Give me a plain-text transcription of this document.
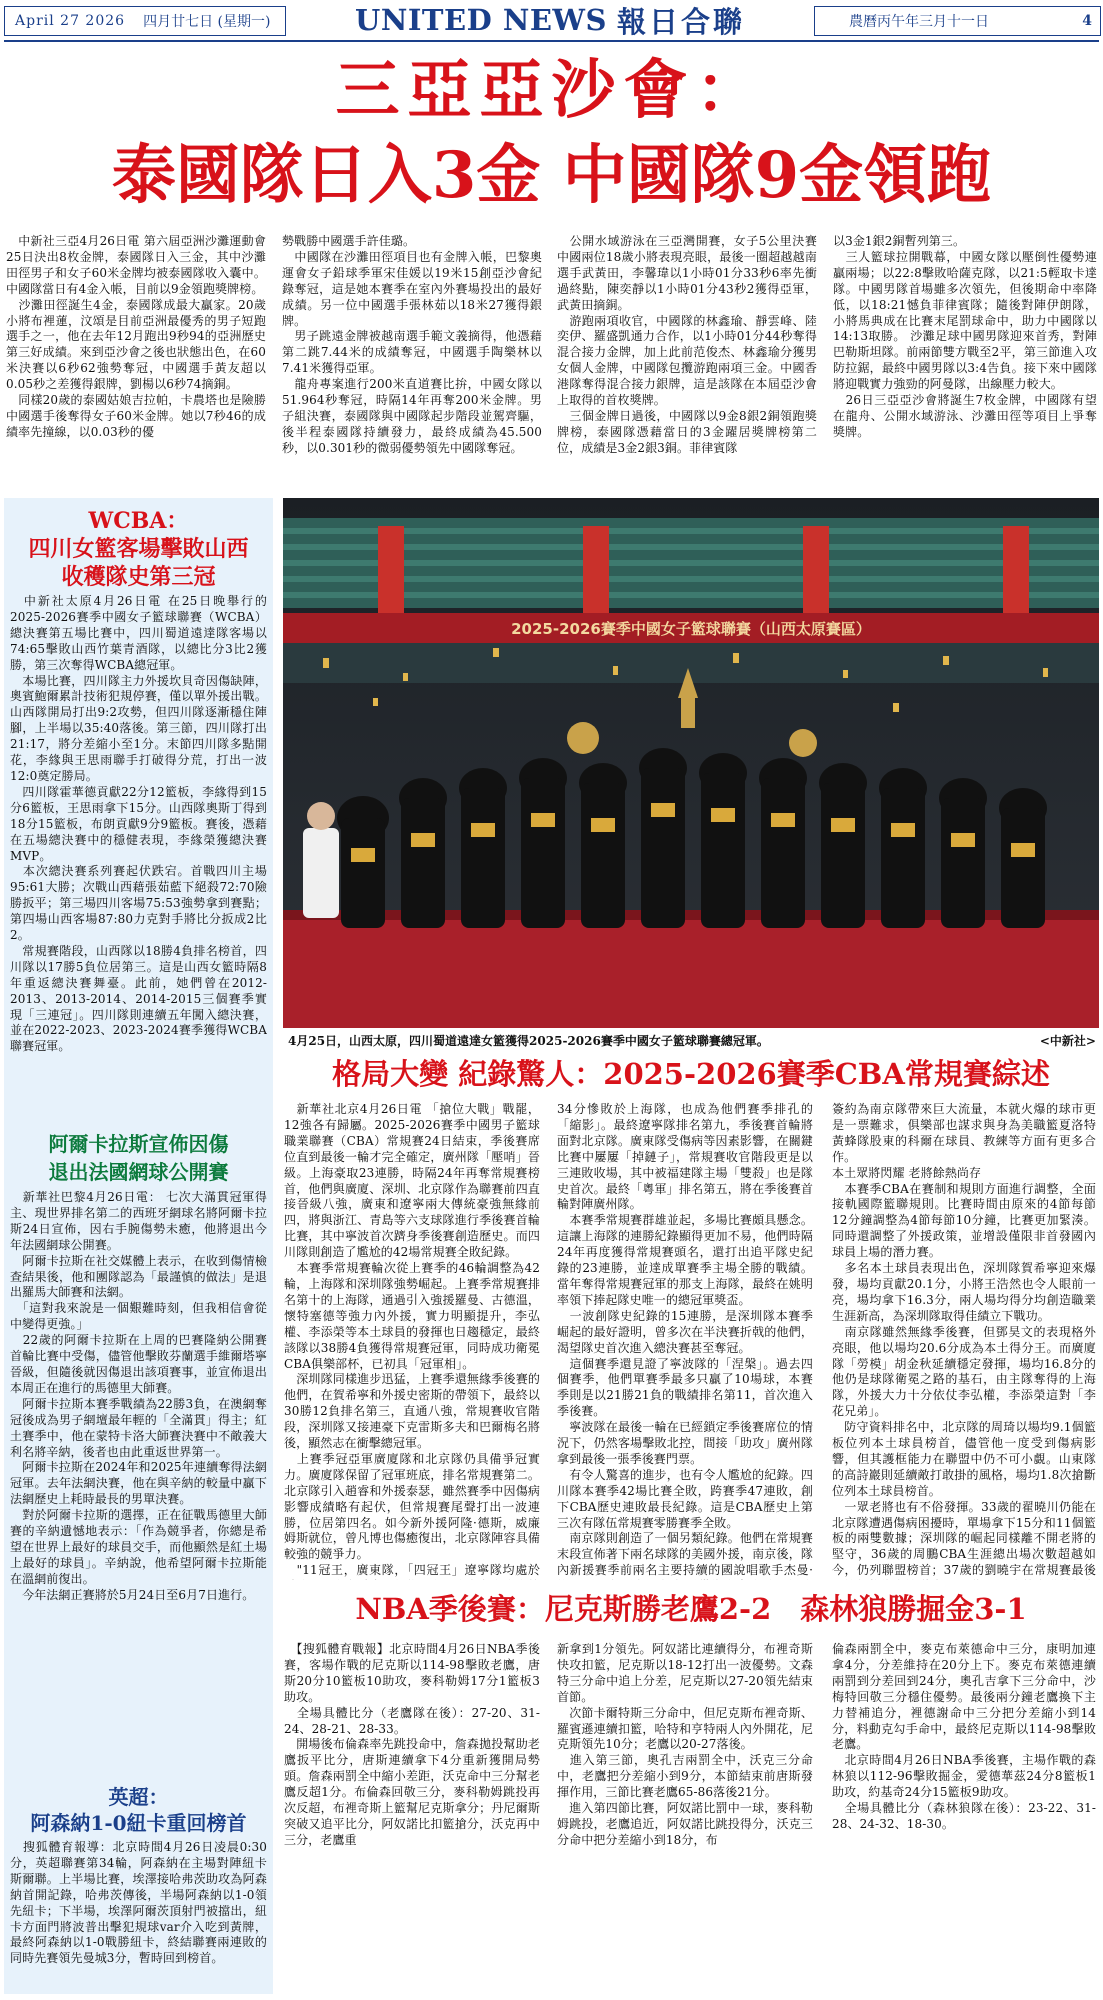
April 27 2026 四月廿七日 (星期一)	UNITED NEWS 報日合聯	農曆丙午年三月十一日	4
三亞亞沙會：
泰國隊日入3金 中國隊9金領跑
　中新社三亞4月26日電 第六屆亞洲沙灘運動會25日決出8枚金牌，泰國隊日入三金，其中沙灘田徑男子和女子60米金牌均被泰國隊收入囊中。中國隊當日有4金入帳，目前以9金領跑獎牌榜。
　沙灘田徑誕生4金，泰國隊成最大贏家。20歲小將布裡蓮，汶頌是目前亞洲最優秀的男子短跑選手之一，他在去年12月跑出9秒94的亞洲歷史第三好成績。來到亞沙會之後也狀態出色，在60米決賽以6秒62強勢奪冠，中國選手黃友超以0.05秒之差獲得銀牌，劉楊以6秒74摘銅。
　同樣20歲的泰國姑娘吉拉帕，卡農塔也是險勝中國選手後奪得女子60米金牌。她以7秒46的成績率先撞線，以0.03秒的優
勢戰勝中國選手許佳璐。
　中國隊在沙灘田徑項目也有金牌入帳，巴黎奧運會女子鉛球季軍宋佳媛以19米15創亞沙會紀錄奪冠，這是她本賽季在室內外賽場投出的最好成績。另一位中國選手張林茹以18米27獲得銀牌。
　男子跳遠金牌被越南選手範文義摘得，他憑藉第二跳7.44米的成績奪冠，中國選手陶樂林以7.41米獲得亞軍。
　龍舟專案進行200米直道賽比拚，中國女隊以51.964秒奪冠，時隔14年再奪200米金牌。男子組決賽，泰國隊與中國隊起步階段並駕齊驅，後半程泰國隊持續發力，最終成績為45.500秒，以0.301秒的微弱優勢領先中國隊奪冠。
　公開水域游泳在三亞灣開賽，女子5公里決賽中國兩位18歲小將表現亮眼，最後一圈超越越南選手武黃田，李馨瑋以1小時01分33秒6率先衝過終點，陳奕靜以1小時01分43秒2獲得亞軍，武黃田摘銅。
　游跑兩項收官，中國隊的林鑫瑜、靜雲峰、陸奕伊、羅盛凱通力合作，以1小時01分44秒奪得混合接力金牌，加上此前范俊杰、林鑫瑜分獲男女個人金牌，中國隊包攬游跑兩項三金。中國香港隊奪得混合接力銀牌，這是該隊在本屆亞沙會上取得的首枚獎牌。
　三個金牌日過後，中國隊以9金8銀2銅領跑獎牌榜，泰國隊憑藉當日的3金躍居獎牌榜第二位，成績是3金2銀3銅。菲律賓隊
以3金1銀2銅暫列第三。
　三人籃球拉開戰幕，中國女隊以壓倒性優勢連贏兩場；以22:8擊敗哈薩克隊，以21:5輕取卡達隊。中國男隊首場雖多次領先，但後期命中率降低，以18:21憾負菲律賓隊；隨後對陣伊朗隊，小將馬典成在比賽末尾罰球命中，助力中國隊以14:13取勝。 沙灘足球中國男隊迎來首秀，對陣巴勒斯坦隊。前兩節雙方戰至2平，第三節進入攻防拉鋸，最終中國男隊以3:4告負。接下來中國隊將迎戰實力強勁的阿曼隊，出線壓力較大。
　26日三亞亞沙會將誕生7枚金牌，中國隊有望在龍舟、公開水域游泳、沙灘田徑等項目上爭奪獎牌。
WCBA：
四川女籃客場擊敗山西
收穫隊史第三冠
　中新社太原4月26日電 在25日晚舉行的2025-2026賽季中國女子籃球聯賽（WCBA）總決賽第五場比賽中，四川蜀道遠達隊客場以74:65擊敗山西竹葉青酒隊，以總比分3比2獲勝，第三次奪得WCBA總冠軍。
　本場比賽，四川隊主力外援坎貝奇因傷缺陣，奧賓鮑爾累計技術犯規停賽，僅以單外援出戰。山西隊開局打出9:2攻勢，但四川隊逐漸穩住陣腳，上半場以35:40落後。第三節，四川隊打出21:17，將分差縮小至1分。末節四川隊多點開花，李緣與王思雨聯手打破得分荒，打出一波12:0奠定勝局。
　四川隊霍華德貢獻22分12籃板，李緣得到15分6籃板，王思雨拿下15分。山西隊奧斯丁得到18分15籃板，布朗貢獻9分9籃板。賽後，憑藉在五場總決賽中的穩健表現，李緣榮獲總決賽MVP。
　本次總決賽系列賽起伏跌宕。首戰四川主場95:61大勝；次戰山西藉張茹藍下絕殺72:70險勝扳平；第三場四川客場75:53強勢拿到賽點；第四場山西客場87:80力克對手將比分扳成2比2。
　常規賽階段，山西隊以18勝4負排名榜首，四川隊以17勝5負位居第三。這是山西女籃時隔8年重返總決賽舞臺。此前，她們曾在2012-2013、2013-2014、2014-2015三個賽季實現「三連冠」。四川隊則連續五年闖入總決賽，並在2022-2023、2023-2024賽季獲得WCBA聯賽冠軍。
阿爾卡拉斯宣佈因傷
退出法國網球公開賽
　新華社巴黎4月26日電： 七次大滿貫冠軍得主、現世界排名第二的西班牙網球名將阿爾卡拉斯24日宣佈，因右手腕傷勢未癒，他將退出今年法國網球公開賽。
　阿爾卡拉斯在社交媒體上表示，在收到傷情檢查結果後，他和團隊認為「最謹慎的做法」是退出羅馬大師賽和法網。
　「這對我來說是一個艱難時刻，但我相信會從中變得更強。」
　22歲的阿爾卡拉斯在上周的巴賽隆納公開賽首輪比賽中受傷，儘管他擊敗芬蘭選手維爾塔寧晉級，但隨後就因傷退出該項賽事，並宣佈退出本周正在進行的馬德里大師賽。
　阿爾卡拉斯本賽季戰績為22勝3負，在澳網奪冠後成為男子網壇最年輕的「全滿貫」得主；紅土賽季中，他在蒙特卡洛大師賽決賽中不敵義大利名將辛納，後者也由此重返世界第一。
　阿爾卡拉斯在2024年和2025年連續奪得法網冠軍。去年法網決賽，他在與辛納的較量中贏下法網歷史上耗時最長的男單決賽。
　對於阿爾卡拉斯的選擇，正在征戰馬德里大師賽的辛納遺憾地表示：「作為競爭者，你總是希望在世界上最好的球員交手，而他顯然是紅土場上最好的球員」。辛納說，他希望阿爾卡拉斯能在溫網前復出。
　今年法網正賽將於5月24日至6月7日進行。
英超：
阿森納1-0紐卡重回榜首
　搜狐體育報導：北京時間4月26日凌晨0:30分，英超聯賽第34輪，阿森納在主場對陣紐卡斯爾聯。上半場比賽，埃澤接哈弗茨助攻為阿森納首開記錄，哈弗茨傳後，半場阿森納以1-0領先紐卡；下半場，埃澤阿爾茨頂射門被擋出，紐卡方面門將波普出擊犯規球var介入吃到黃牌，最終阿森納以1-0戰勝紐卡，終結聯賽兩連敗的同時先賽領先曼城3分，暫時回到榜首。
2025-2026賽季中國女子籃球聯賽（山西太原賽區）
4月25日，山西太原，四川蜀道遠達女籃獲得2025-2026賽季中國女子籃球聯賽總冠軍。	<中新社>
格局大變 紀錄驚人：2025-2026賽季CBA常規賽綜述
　新華社北京4月26日電 「搶位大戰」戰罷，12強各有歸屬。2025-2026賽季中國男子籃球職業聯賽（CBA）常規賽24日結束，季後賽席位直到最後一輪才完全確定，廣州隊「壓哨」晉級。上海豪取23連勝，時隔24年再奪常規賽榜首，他們與廣廈、深圳、北京隊作為聯賽前四直接晉級八強，廣東和遼寧兩大傳統豪強無緣前四，將與浙江、青島等六支球隊進行季後賽首輪比賽，其中寧波首次躋身季後賽創造歷史。而四川隊則創造了尷尬的42場常規賽全敗紀錄。
　本賽季常規賽輪次從上賽季的46輪調整為42輪，上海隊和深圳隊強勢崛起。上賽季常規賽排名第十的上海隊，通過引入強援羅曼、古德溫，懷特塞德等強力內外援，實力明顯提升，李弘權、李添榮等本土球員的發揮也日趨穩定，最終該隊以38勝4負獲得常規賽冠軍，同時成功衛冕CBA俱樂部杯，已初具「冠軍相」。
　深圳隊同樣進步迅猛，上賽季還無緣季後賽的他們，在賀希寧和外援史密斯的帶領下，最終以30勝12負排名第三，直通八強，常規賽收官階段，深圳隊又接連豪下克雷斯多夫和巴爾梅名將後，顯然志在衝擊總冠軍。
　上賽季冠亞軍廣廈隊和北京隊仍具備爭冠實力。廣廈隊保留了冠軍班底，排名常規賽第二。北京隊引入趙睿和外援泰瑟，雖然賽季中因傷病影響成績略有起伏，但常規賽尾聲打出一波連勝，位居第四名。如今新外援阿隆·德斯，威廉姆斯就位，曾凡博也傷癒復出，北京隊陣容具備較強的競爭力。
　"11冠王，廣東隊，「四冠王」遼寧隊均處於
34分慘敗於上海隊，也成為他們賽季排孔的「縮影」。最終遼寧隊排名第九，季後賽首輪將面對北京隊。廣東隊受傷病等因素影響，在關鍵比賽中屢屢「掉鏈子」，常規賽收官階段更是以三連敗收場，其中被福建隊主場「雙殺」也是隊史首次。最終「粵軍」排名第五，將在季後賽首輪對陣廣州隊。
　本賽季常規賽群雄並起，多場比賽頗具懸念。這讓上海隊的連勝紀錄顯得更加不易，他們時隔24年再度獲得常規賽頭名，還打出追平隊史紀錄的23連勝，並達成單賽季主場全勝的戰績。當年奪得常規賽冠軍的那支上海隊，最終在姚明率領下捧起隊史唯一的總冠軍獎盃。
　一波創隊史紀錄的15連勝，是深圳隊本賽季崛起的最好證明，曾多次在半決賽折戟的他們，渴望隊史首次進入總決賽甚至奪冠。
　這個賽季還見證了寧波隊的「涅槃」。過去四個賽季，他們單賽季最多只贏了10場球，本賽季則是以21勝21負的戰績排名第11，首次進入季後賽。
　寧波隊在最後一輪在已經鎖定季後賽席位的情況下，仍然客場擊敗北控，間接「助攻」廣州隊拿到最後一張季後賽門票。
　有令人驚喜的進步，也有令人尷尬的紀錄。四川隊本賽季42場比賽全敗，跨賽季47連敗，創下CBA歷史連敗最長紀錄。這是CBA歷史上第三次有隊伍常規賽零勝賽季全敗。
　南京隊則創造了一個另類紀錄。他們在常規賽末段宣佈著下兩名球隊的美國外援，南京後，隊內新援賽季前兩名主要持續的國說唱歌手杰曼·
簽約為南京隊帶來巨大流量，本就火爆的球市更是一票難求，俱樂部也謀求與身為美職籃夏洛特黃蜂隊股東的科爾在球員、教練等方面有更多合作。
本土眾將閃耀 老將餘熱尚存
　本賽季CBA在賽制和規則方面進行調整，全面接軌國際籃聯規則。比賽時間由原來的4節每節12分鐘調整為4節每節10分鐘，比賽更加緊湊。同時還調整了外援政策，並增設僅限非首發國內球員上場的潛力賽。
　多名本土球員表現出色，深圳隊賀希寧迎來爆發，場均貢獻20.1分，小將王浩然也令人眼前一亮，場均拿下16.3分，兩人場均得分均創造職業生涯新高，為深圳隊取得佳績立下戰功。
　南京隊雖然無緣季後賽，但鄧昊文的表現格外亮眼，他以場均20.6分成為本土得分王。而廣廈隊「勞模」胡金秋延續穩定發揮，場均16.8分的他仍是球隊衛冕之路的基石，由主隊奪得的上海隊，外援大力十分依仗李弘權，李添榮這對「李花兄弟」。
　防守資料排名中，北京隊的周琦以場均9.1個籃板位列本土球員榜首，儘管他一度受到傷病影響，但其護框能力在聯盟中仍不可小覷。山東隊的高詩巖則延續敵打敢掛的風格，場均1.8次搶斷位列本土球員榜首。
　一眾老將也有不俗發揮。33歲的翟曉川仍能在北京隊遭遇傷病困擾時，單場拿下15分和11個籃板的兩雙數據；深圳隊的崛起同樣離不開老將的堅守，36歲的周鵬CBA生涯總出場次數超越如今，仍列聯盟榜首；37歲的劉曉宇在常規賽最後
NBA季後賽：尼克斯勝老鷹2-2　森林狼勝掘金3-1
　【搜狐體育戰報】北京時間4月26日NBA季後賽，客場作戰的尼克斯以114-98擊敗老鷹，唐斯20分10籃板10助攻，麥科勒姆17分1籃板3助攻。
　全場具體比分（老鷹隊在後）：27-20、31-24、28-21、28-33。
　開場後布倫森率先跳投命中，詹森拋投幫助老鷹扳平比分，唐斯連續拿下4分重新獲開局勢頭。詹森兩罰全中縮小差距，沃克命中三分幫老鷹反超1分。布倫森回敬三分，麥科勒姆跳投再次反超，布裡奇斯上籃幫尼克斯拿分；丹尼爾斯突破又追平比分，阿奴諾比扣籃搶分，沃克再中三分，老鷹重
新拿到1分領先。阿奴諾比連續得分，布裡奇斯快攻扣籃，尼克斯以18-12打出一波優勢。文森特三分命中追上分差，尼克斯以27-20領先結束首節。
　次節卡爾特斯三分命中，但尼克斯布裡奇斯、羅賓遜連續扣籃，哈特和亨特兩人內外開花，尼克斯領先10分；老鷹以20-27落後。
　進入第三節，奧孔吉兩罰全中，沃克三分命中，老鷹把分差縮小到9分，本節結束前唐斯發揮作用，三節比賽老鷹65-86落後21分。
　進入第四節比賽，阿奴諾比罰中一球，麥科勒姆跳投，老鷹追近，阿奴諾比跳投得分，沃克三分命中把分差縮小到18分，布
倫森兩罰全中，麥克布萊德命中三分，康明加連拿4分，分差維持在20分上下。麥克布萊德連續兩罰到分差回到24分，奧孔吉拿下三分命中，沙梅特回敬三分穩住優勢。最後兩分鐘老鷹換下主力替補追分，裡德謝命中三分把分差縮小到14分，料動克勾手命中，最終尼克斯以114-98擊敗老鷹。
　北京時間4月26日NBA季後賽，主場作戰的森林狼以112-96擊敗掘金，愛德華茲24分8籃板1助攻，約基奇24分15籃板9助攻。
　全場具體比分（森林狼隊在後）：23-22、31-28、24-32、18-30。
